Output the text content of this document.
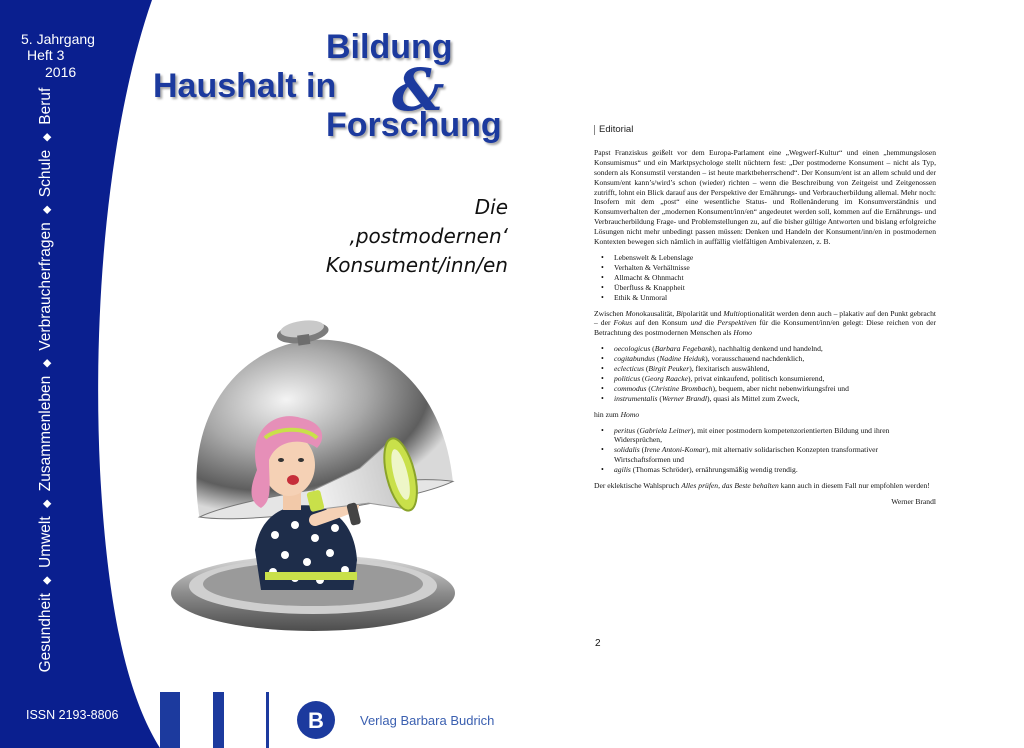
5. Jahrgang
Heft 3
2016
Gesundheit ◆ Umwelt ◆ Zusammenleben ◆ Verbraucherfragen ◆ Schule ◆ Beruf
ISSN 2193-8806
Bildung
Haushalt in &
Forschung
Die
‚postmodernen‘
Konsument/inn/en
B	Verlag Barbara Budrich
Editorial

Papst Franziskus geißelt vor dem Europa-Parlament eine „Wegwerf-Kultur“ und einen „hemmungslosen Konsumismus“ und ein Marktpsychologe stellt nüchtern fest: „Der postmoderne Konsument – nicht als Typ, sondern als Konsumstil verstanden – ist heute marktbeherrschend“. Der Konsum/ent ist an allem schuld und der Konsum/ent kann’s/wird’s schon (wieder) richten – wenn die Beschreibung von Zeitgeist und Zeitgenossen zutrifft, lohnt ein Blick darauf aus der Perspektive der Ernährungs- und Verbraucherbildung allemal. Mehr noch: Insofern mit dem „post“ eine wesentliche Status- und Rollenänderung im Konsumverständnis und Konsumverhalten der „modernen Konsument/inn/en“ angedeutet werden soll, kommen auf die Ernährungs- und Verbraucherbildung Frage- und Problemstellungen zu, auf die bisher gültige Antworten und bislang erfolgreiche Lösungen nicht mehr unbedingt passen müssen: Denken und Handeln der Konsument/inn/en in postmodernen Kontexten bewegen sich nämlich in auffällig vielfältigen Ambivalenzen, z. B.

• Lebenswelt & Lebenslage
• Verhalten & Verhältnisse
• Allmacht & Ohnmacht
• Überfluss & Knappheit
• Ethik & Unmoral

Zwischen Monokausalität, Bipolarität und Multioptionalität werden denn auch – plakativ auf den Punkt gebracht – der Fokus auf den Konsum und die Perspektiven für die Konsument/inn/en gelegt: Diese reichen von der Betrachtung des postmodernen Menschen als Homo

• oecologicus (Barbara Fegebank), nachhaltig denkend und handelnd,
• cogitabundus (Nadine Heiduk), vorausschauend nachdenklich,
• eclecticus (Birgit Peuker), flexitarisch auswählend,
• politicus (Georg Raacke), privat einkaufend, politisch konsumierend,
• commodus (Christine Brombach), bequem, aber nicht nebenwirkungsfrei und
• instrumentalis (Werner Brandl), quasi als Mittel zum Zweck,

hin zum Homo

• peritus (Gabriela Leitner), mit einer postmodern kompetenzorientierten Bildung und ihren Widersprüchen,
• solidalis (Irene Antoni-Komar), mit alternativ solidarischen Konzepten transformativer Wirtschaftsformen und
• agilis (Thomas Schröder), ernährungsmäßig wendig trendig.

Der eklektische Wahlspruch Alles prüfen, das Beste behalten kann auch in diesem Fall nur empfohlen werden!

Werner Brandl
2
